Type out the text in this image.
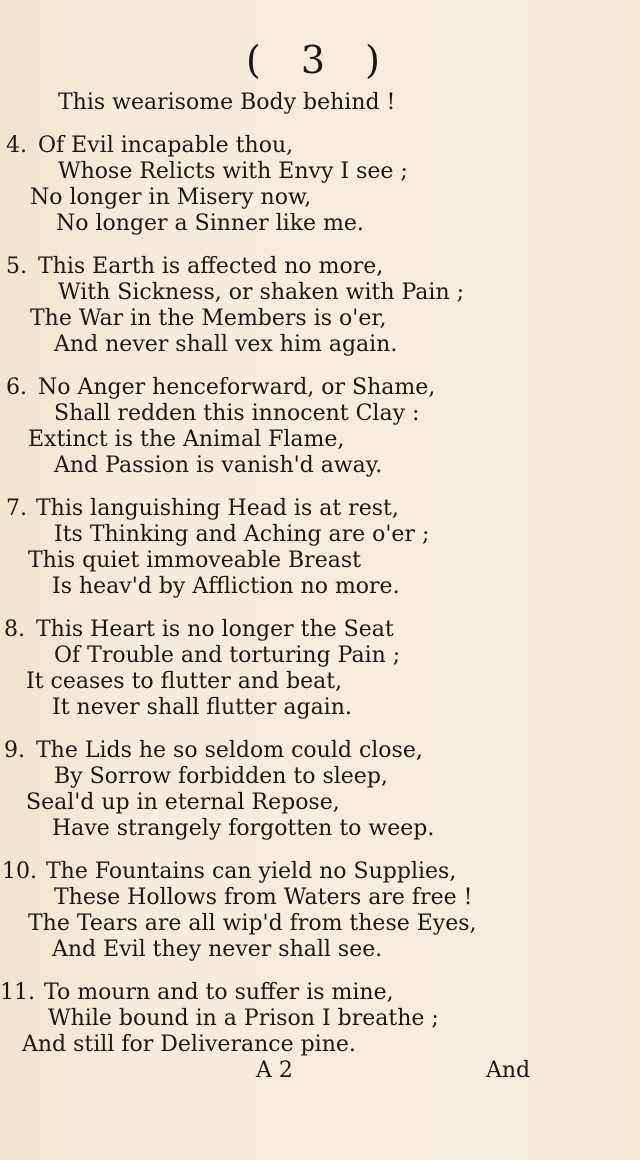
( 3 )
This wearisome Body behind !
4. Of Evil incapable thou,
Whose Relicts with Envy I see ;
No longer in Misery now,
No longer a Sinner like me.
5. This Earth is affected no more,
With Sickness, or shaken with Pain ;
The War in the Members is o'er,
And never shall vex him again.
6. No Anger henceforward, or Shame,
Shall redden this innocent Clay :
Extinct is the Animal Flame,
And Passion is vanish'd away.
7. This languishing Head is at rest,
Its Thinking and Aching are o'er ;
This quiet immoveable Breast
Is heav'd by Affliction no more.
8. This Heart is no longer the Seat
Of Trouble and torturing Pain ;
It ceases to flutter and beat,
It never shall flutter again.
9. The Lids he so seldom could close,
By Sorrow forbidden to sleep,
Seal'd up in eternal Repose,
Have strangely forgotten to weep.
10. The Fountains can yield no Supplies,
These Hollows from Waters are free !
The Tears are all wip'd from these Eyes,
And Evil they never shall see.
11. To mourn and to suffer is mine,
While bound in a Prison I breathe ;
And still for Deliverance pine.
A 2	And
